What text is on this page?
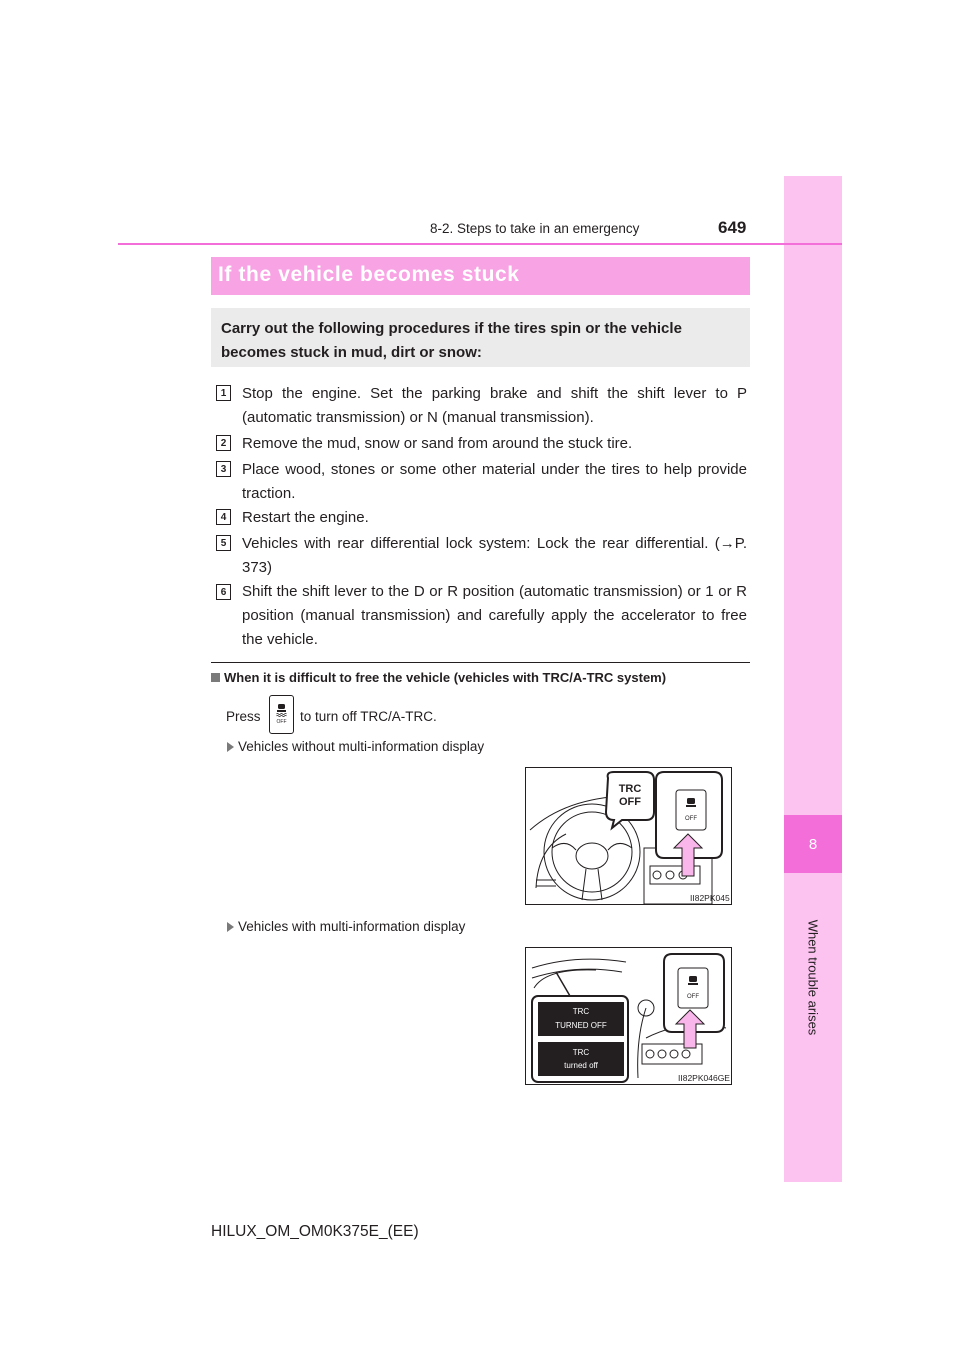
8
When trouble arises
8-2. Steps to take in an emergency	649
If the vehicle becomes stuck
Carry out the following procedures if the tires spin or the vehicle becomes stuck in mud, dirt or snow:
1	Stop the engine. Set the parking brake and shift the shift lever to P (automatic transmission) or N (manual transmission).
2	Remove the mud, snow or sand from around the stuck tire.
3	Place wood, stones or some other material under the tires to help provide traction.
4	Restart the engine.
5	Vehicles with rear differential lock system: Lock the rear differential. (→P. 373)
6	Shift the shift lever to the D or R position (automatic transmission) or 1 or R position (manual transmission) and carefully apply the accelerator to free the vehicle.
When it is difficult to free the vehicle (vehicles with TRC/A-TRC system)
Press	OFF to turn off TRC/A-TRC.
Vehicles without multi-information display
TRC
OFF
OFF
II82PK045
Vehicles with multi-information display
TRC
TURNED OFF
TRC
turned off
OFF
II82PK046GE
HILUX_OM_OM0K375E_(EE)
